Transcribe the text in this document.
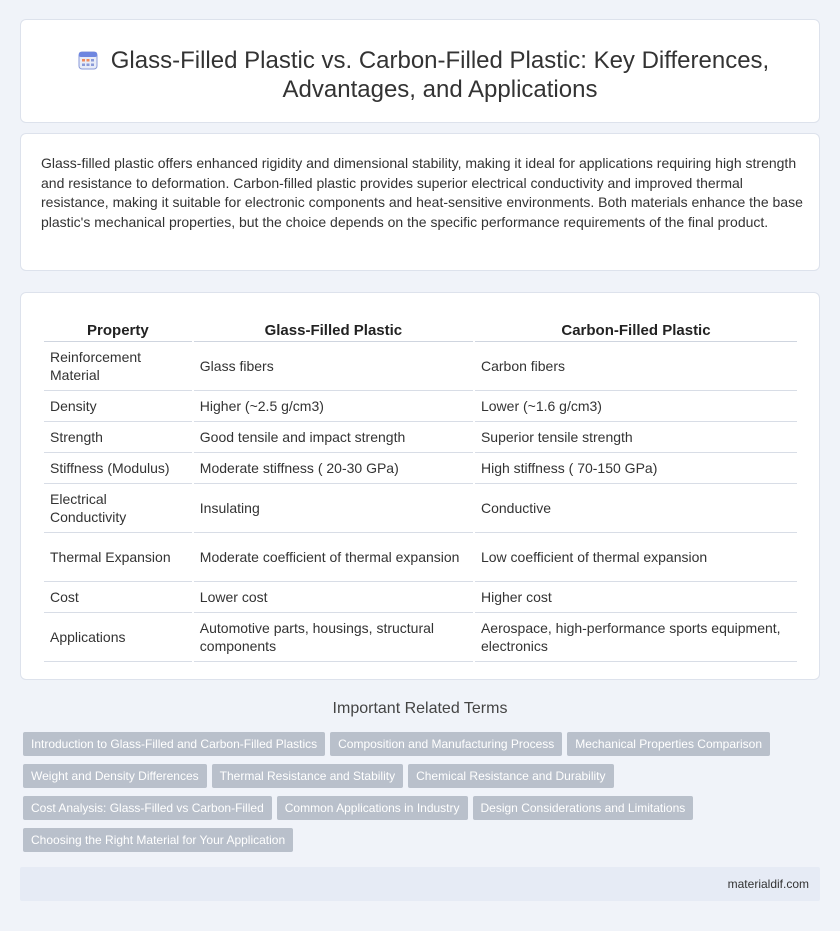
Glass-Filled Plastic vs. Carbon-Filled Plastic: Key Differences, Advantages, and Applications

Glass-filled plastic offers enhanced rigidity and dimensional stability, making it ideal for applications requiring high strength and resistance to deformation. Carbon-filled plastic provides superior electrical conductivity and improved thermal resistance, making it suitable for electronic components and heat-sensitive environments. Both materials enhance the base plastic's mechanical properties, but the choice depends on the specific performance requirements of the final product.

Property	Glass-Filled Plastic	Carbon-Filled Plastic
Reinforcement Material	Glass fibers	Carbon fibers
Density	Higher (~2.5 g/cm3)	Lower (~1.6 g/cm3)
Strength	Good tensile and impact strength	Superior tensile strength
Stiffness (Modulus)	Moderate stiffness ( 20-30 GPa)	High stiffness ( 70-150 GPa)
Electrical Conductivity	Insulating	Conductive
Thermal Expansion	Moderate coefficient of thermal expansion	Low coefficient of thermal expansion
Cost	Lower cost	Higher cost
Applications	Automotive parts, housings, structural components	Aerospace, high-performance sports equipment, electronics
Important Related Terms
Introduction to Glass-Filled and Carbon-Filled Plastics Composition and Manufacturing Process Mechanical Properties Comparison
Weight and Density Differences Thermal Resistance and Stability Chemical Resistance and Durability
Cost Analysis: Glass-Filled vs Carbon-Filled Common Applications in Industry Design Considerations and Limitations
Choosing the Right Material for Your Application
materialdif.com
